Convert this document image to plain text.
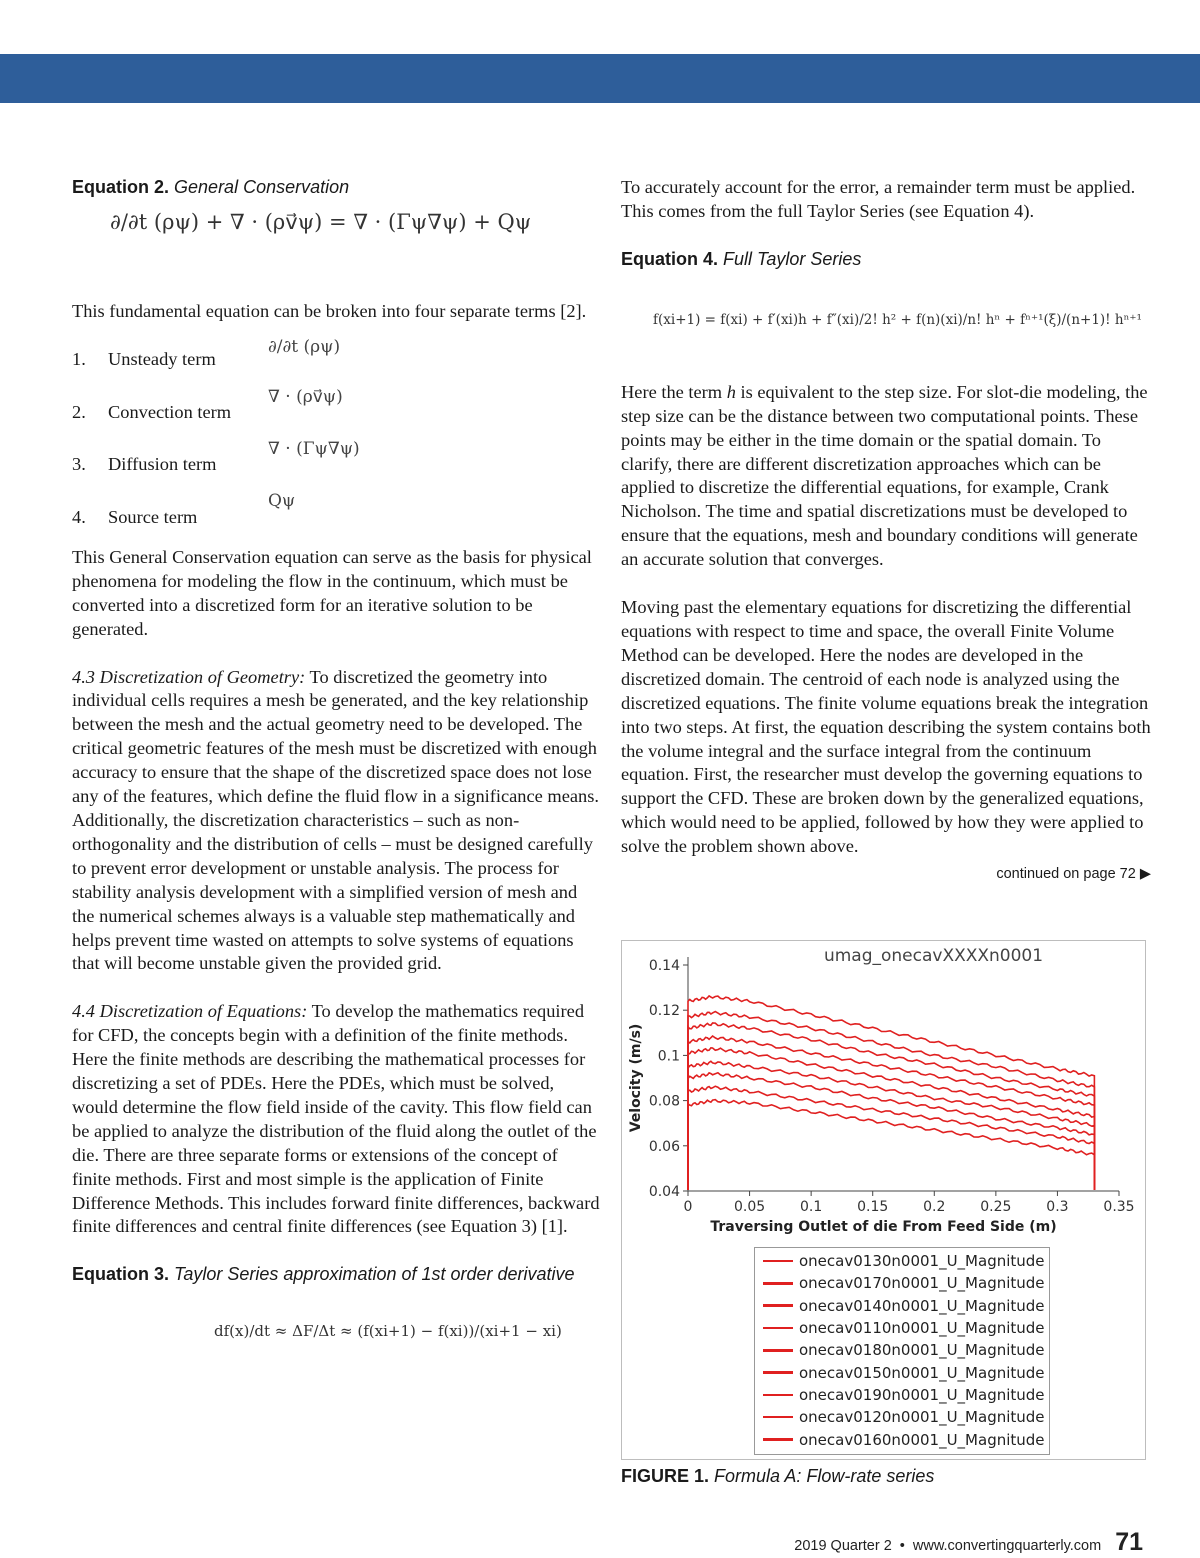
Equation 2. General Conservation
∂/∂t (ρψ) + ∇ · (ρv⃗ψ) = ∇ · (Γψ∇ψ) + Qψ

This fundamental equation can be broken into four separate terms [2].

1. Unsteady term
∂/∂t (ρψ)
2. Convection term
∇ · (ρv⃗ψ)
3. Diffusion term
∇ · (Γψ∇ψ)
4. Source term
Qψ

This General Conservation equation can serve as the basis for physical phenomena for modeling the flow in the continuum, which must be converted into a discretized form for an iterative solution to be generated.

4.3 Discretization of Geometry: To discretized the geometry into individual cells requires a mesh be generated, and the key relationship between the mesh and the actual geometry need to be developed. The critical geometric features of the mesh must be discretized with enough accuracy to ensure that the shape of the discretized space does not lose any of the features, which define the fluid flow in a significance means. Additionally, the discretization characteristics – such as non-orthogonality and the distribution of cells – must be designed carefully to prevent error development or unstable analysis. The process for stability analysis development with a simplified version of mesh and the numerical schemes always is a valuable step mathematically and helps prevent time wasted on attempts to solve systems of equations that will become unstable given the provided grid.

4.4 Discretization of Equations: To develop the mathematics required for CFD, the concepts begin with a definition of the finite methods. Here the finite methods are describing the mathematical processes for discretizing a set of PDEs. Here the PDEs, which must be solved, would determine the flow field inside of the cavity. This flow field can be applied to analyze the distribution of the fluid along the outlet of the die. There are three separate forms or extensions of the concept of finite methods. First and most simple is the application of Finite Difference Methods. This includes forward finite differences, backward finite differences and central finite differences (see Equation 3) [1].

Equation 3. Taylor Series approximation of 1st order derivative
df(x)/dt ≈ ΔF/Δt ≈ (f(xi+1) − f(xi))/(xi+1 − xi)

To accurately account for the error, a remainder term must be applied. This comes from the full Taylor Series (see Equation 4).

Equation 4. Full Taylor Series
f(xi+1) = f(xi) + f′(xi)h + f″(xi)/2! h² + f(n)(xi)/n! hⁿ + fⁿ⁺¹(ξ)/(n+1)! hⁿ⁺¹

Here the term h is equivalent to the step size. For slot-die modeling, the step size can be the distance between two computational points. These points may be either in the time domain or the spatial domain. To clarify, there are different discretization approaches which can be applied to discretize the differential equations, for example, Crank Nicholson. The time and spatial discretizations must be developed to ensure that the equations, mesh and boundary conditions will generate an accurate solution that converges.

Moving past the elementary equations for discretizing the differential equations with respect to time and space, the overall Finite Volume Method can be developed. Here the nodes are developed in the discretized domain. The centroid of each node is analyzed using the discretized equations. The finite volume equations break the integration into two steps. At first, the equation describing the system contains both the volume integral and the surface integral from the continuum equation. First, the researcher must develop the governing equations to support the CFD. These are broken down by the generalized equations, which would need to be applied, followed by how they were applied to solve the problem shown above.

continued on page 72 ▶
0.04
0.06
0.08
0.1
0.12
0.14
0	0.05 0.1 0.15 0.2 0.25 0.3 0.35
umag_onecavXXXXn0001
Traversing Outlet of die From Feed Side (m)
Velocity (m/s)
onecav0130n0001_U_Magnitude
onecav0170n0001_U_Magnitude
onecav0140n0001_U_Magnitude
onecav0110n0001_U_Magnitude
onecav0180n0001_U_Magnitude
onecav0150n0001_U_Magnitude
onecav0190n0001_U_Magnitude
onecav0120n0001_U_Magnitude
onecav0160n0001_U_Magnitude
FIGURE 1. Formula A: Flow-rate series
2019 Quarter 2 • www.convertingquarterly.com 71
